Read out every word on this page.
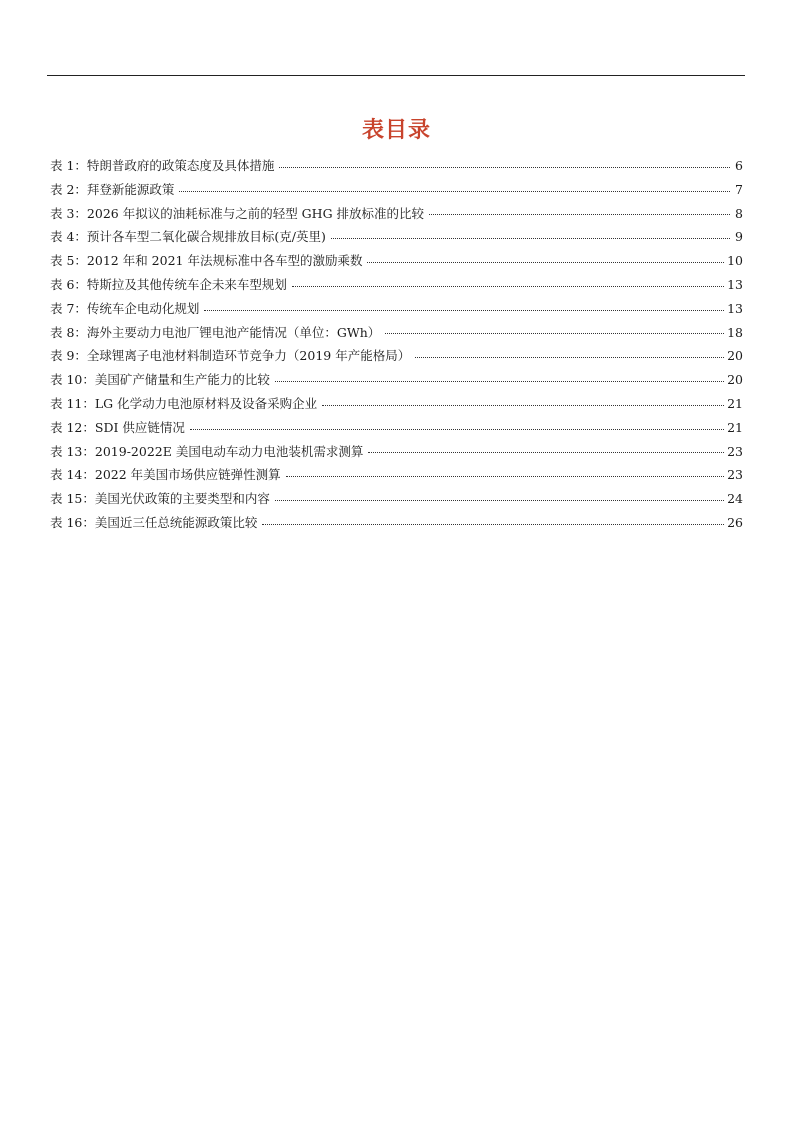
表目录
表 1：特朗普政府的政策态度及具体措施	6
表 2：拜登新能源政策	7
表 3：2026 年拟议的油耗标准与之前的轻型 GHG 排放标准的比较	8
表 4：预计各车型二氧化碳合规排放目标(克/英里)	9
表 5：2012 年和 2021 年法规标准中各车型的激励乘数	10
表 6：特斯拉及其他传统车企未来车型规划	13
表 7：传统车企电动化规划	13
表 8：海外主要动力电池厂锂电池产能情况（单位：GWh）	18
表 9：全球锂离子电池材料制造环节竞争力（2019 年产能格局）	20
表 10：美国矿产储量和生产能力的比较	20
表 11：LG 化学动力电池原材料及设备采购企业	21
表 12：SDI 供应链情况	21
表 13：2019-2022E 美国电动车动力电池装机需求测算	23
表 14：2022 年美国市场供应链弹性测算	23
表 15：美国光伏政策的主要类型和内容	24
表 16：美国近三任总统能源政策比较	26
